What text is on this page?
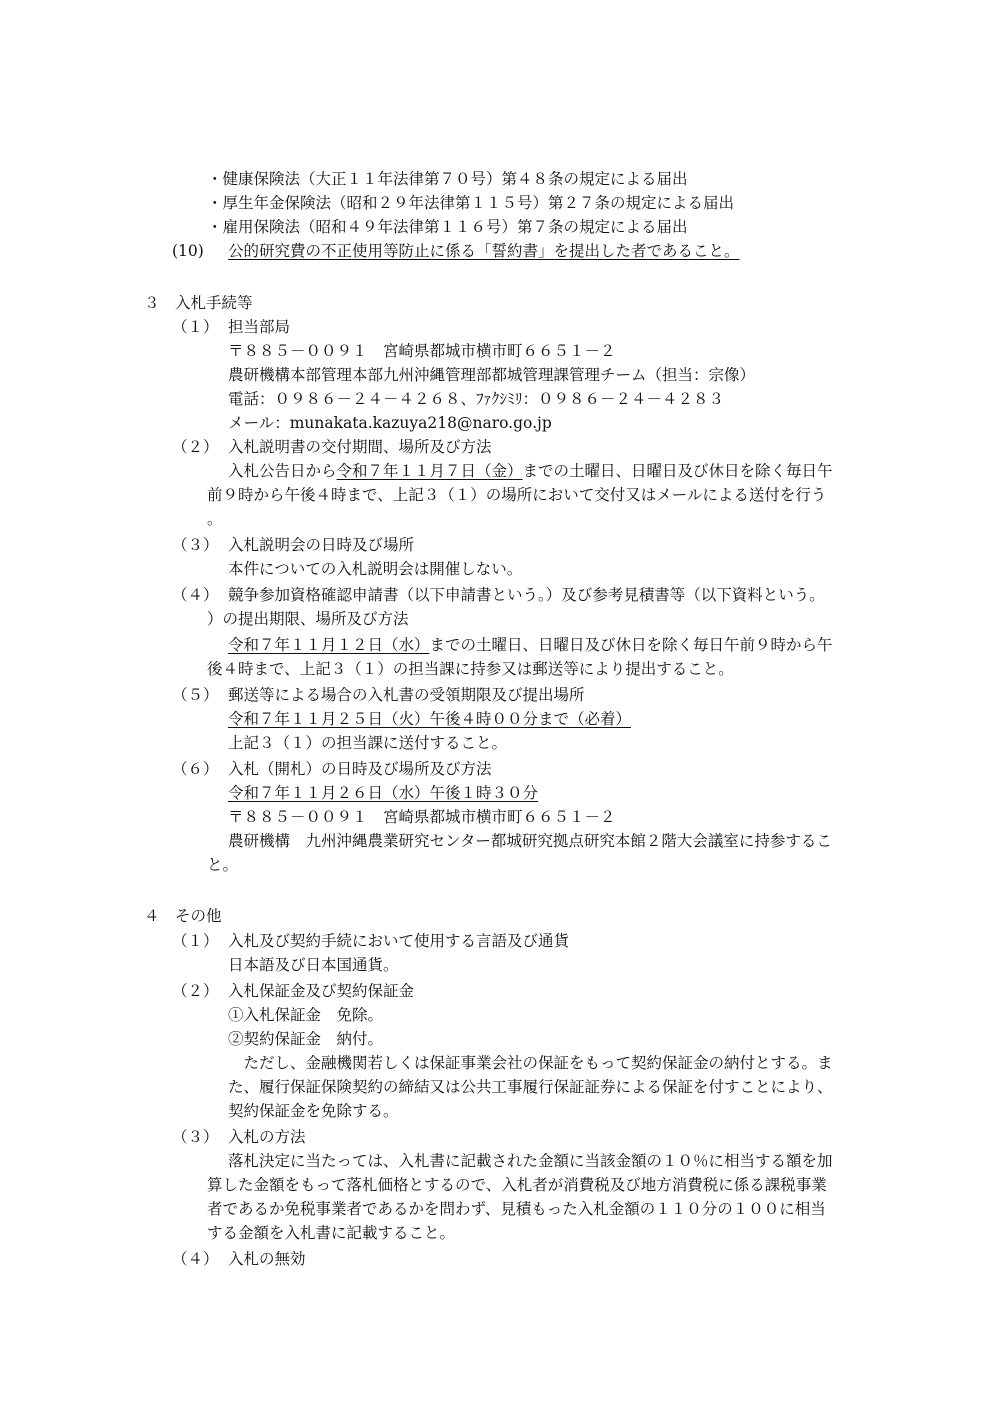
・健康保険法（大正１１年法律第７０号）第４８条の規定による届出

・厚生年金保険法（昭和２９年法律第１１５号）第２７条の規定による届出

・雇用保険法（昭和４９年法律第１１６号）第７条の規定による届出

(10) 公的研究費の不正使用等防止に係る「誓約書」を提出した者であること。

３　入札手続等

（１） 担当部局

〒８８５－００９１　宮崎県都城市横市町６６５１－２

農研機構本部管理本部九州沖縄管理部都城管理課管理チーム（担当：宗像）

電話：０９８６－２４－４２６８、ﾌｧｸｼﾐﾘ：０９８６－２４－４２８３

メール：munakata.kazuya218@naro.go.jp

（２） 入札説明書の交付期間、場所及び方法

入札公告日から令和７年１１月７日（金）までの土曜日、日曜日及び休日を除く毎日午

前９時から午後４時まで、上記３（１）の場所において交付又はメールによる送付を行う

。

（３） 入札説明会の日時及び場所

本件についての入札説明会は開催しない。

（４） 競争参加資格確認申請書（以下申請書という。）及び参考見積書等（以下資料という。

）の提出期限、場所及び方法

令和７年１１月１２日（水）までの土曜日、日曜日及び休日を除く毎日午前９時から午

後４時まで、上記３（１）の担当課に持参又は郵送等により提出すること。

（５） 郵送等による場合の入札書の受領期限及び提出場所

令和７年１１月２５日（火）午後４時００分まで（必着）

上記３（１）の担当課に送付すること。

（６） 入札（開札）の日時及び場所及び方法

令和７年１１月２６日（水）午後１時３０分

〒８８５－００９１　宮崎県都城市横市町６６５１－２

農研機構　九州沖縄農業研究センター都城研究拠点研究本館２階大会議室に持参するこ

と。

４　その他

（１） 入札及び契約手続において使用する言語及び通貨

日本語及び日本国通貨。

（２） 入札保証金及び契約保証金

①入札保証金　免除。

②契約保証金　納付。

　ただし、金融機関若しくは保証事業会社の保証をもって契約保証金の納付とする。ま

た、履行保証保険契約の締結又は公共工事履行保証証券による保証を付すことにより、

契約保証金を免除する。

（３） 入札の方法

落札決定に当たっては、入札書に記載された金額に当該金額の１０％に相当する額を加

算した金額をもって落札価格とするので、入札者が消費税及び地方消費税に係る課税事業

者であるか免税事業者であるかを問わず、見積もった入札金額の１１０分の１００に相当

する金額を入札書に記載すること。

（４） 入札の無効
